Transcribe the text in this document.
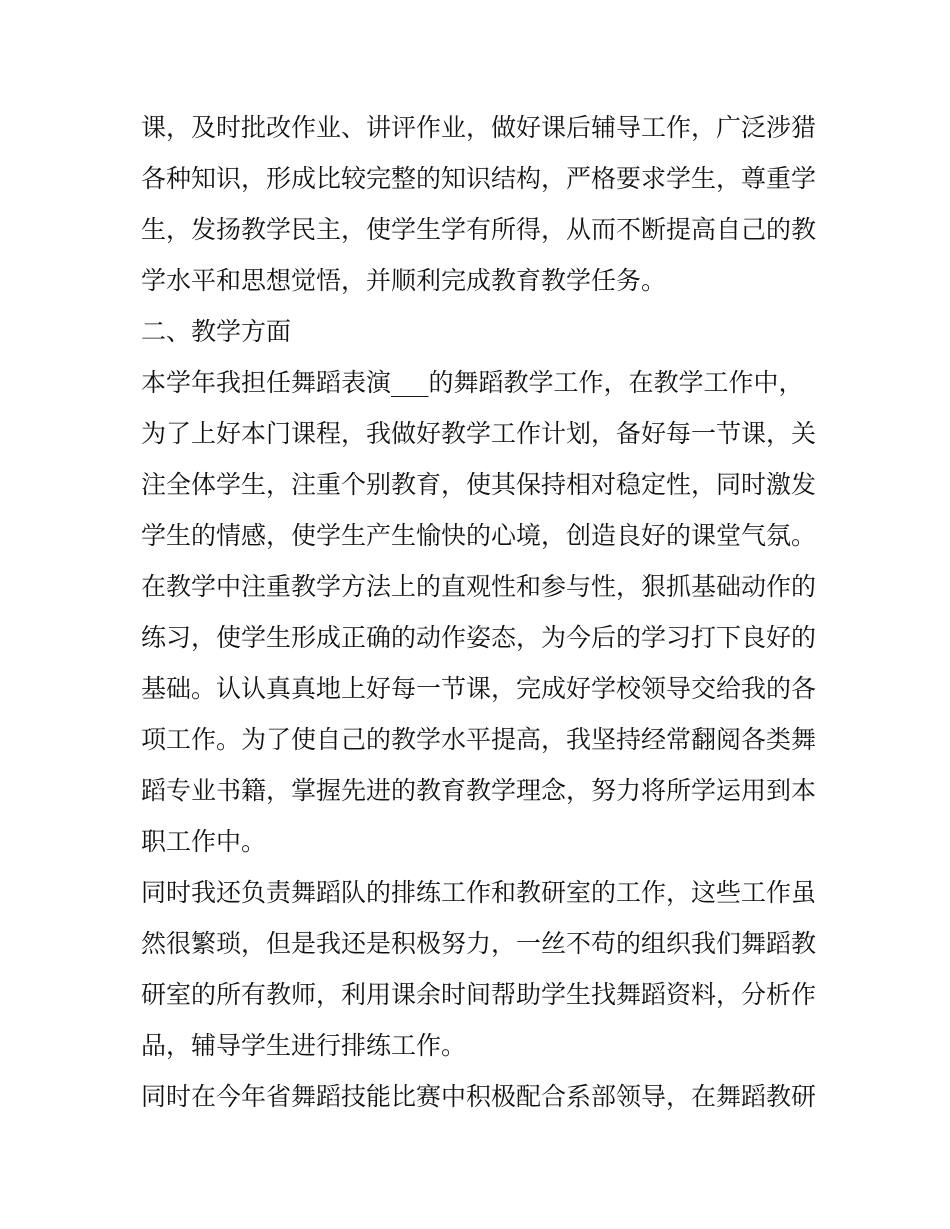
课，及时批改作业、讲评作业，做好课后辅导工作，广泛涉猎
各种知识，形成比较完整的知识结构，严格要求学生，尊重学
生，发扬教学民主，使学生学有所得，从而不断提高自己的教
学水平和思想觉悟，并顺利完成教育教学任务。
二、教学方面
本学年我担任舞蹈表演___的舞蹈教学工作，在教学工作中，
为了上好本门课程，我做好教学工作计划，备好每一节课，关
注全体学生，注重个别教育，使其保持相对稳定性，同时激发
学生的情感，使学生产生愉快的心境，创造良好的课堂气氛。
在教学中注重教学方法上的直观性和参与性，狠抓基础动作的
练习，使学生形成正确的动作姿态，为今后的学习打下良好的
基础。认认真真地上好每一节课，完成好学校领导交给我的各
项工作。为了使自己的教学水平提高，我坚持经常翻阅各类舞
蹈专业书籍，掌握先进的教育教学理念，努力将所学运用到本
职工作中。
同时我还负责舞蹈队的排练工作和教研室的工作，这些工作虽
然很繁琐，但是我还是积极努力，一丝不苟的组织我们舞蹈教
研室的所有教师，利用课余时间帮助学生找舞蹈资料，分析作
品，辅导学生进行排练工作。
同时在今年省舞蹈技能比赛中积极配合系部领导，在舞蹈教研
